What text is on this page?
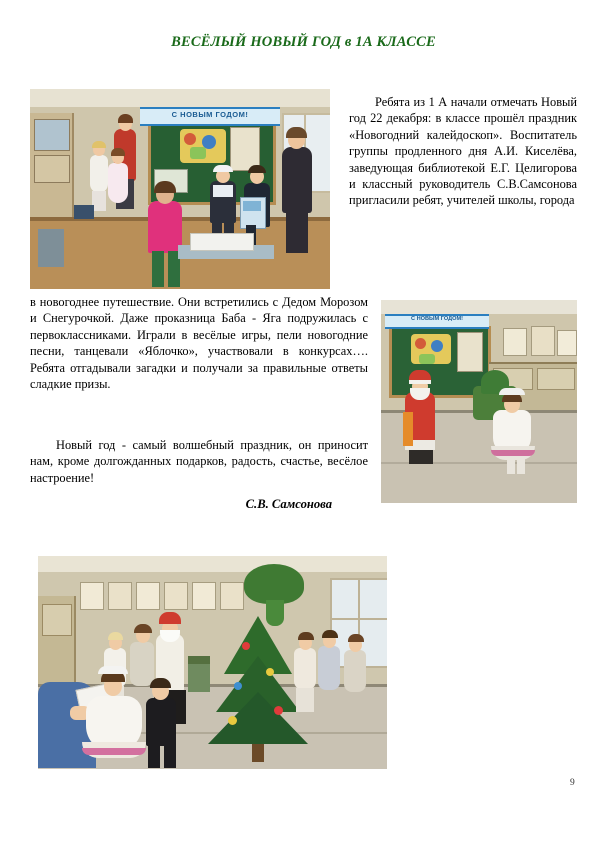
ВЕСЁЛЫЙ НОВЫЙ ГОД в 1А КЛАССЕ
С НОВЫМ ГОДОМ!
Ребята из 1 А начали отмечать Новый год 22 декабря: в классе прошёл праздник «Новогодний калейдоскоп». Воспитатель группы продленного дня А.И. Киселёва, заведующая библиотекой Е.Г. Целигорова и классный руководитель С.В.Самсонова пригласили ребят, учителей школы, города
С НОВЫМ ГОДОМ!
в новогоднее путешествие. Они встретились с Дедом Морозом и Снегурочкой. Даже проказница Баба - Яга подружилась с первоклассниками. Играли в весёлые игры, пели новогодние песни, танцевали «Яблочко», участвовали в конкурсах…. Ребята отгадывали загадки и получали за правильные ответы сладкие призы.
Новый год - самый волшебный праздник, он приносит нам, кроме долгожданных подарков, радость, счастье, весёлое настроение!
С.В. Самсонова
9
